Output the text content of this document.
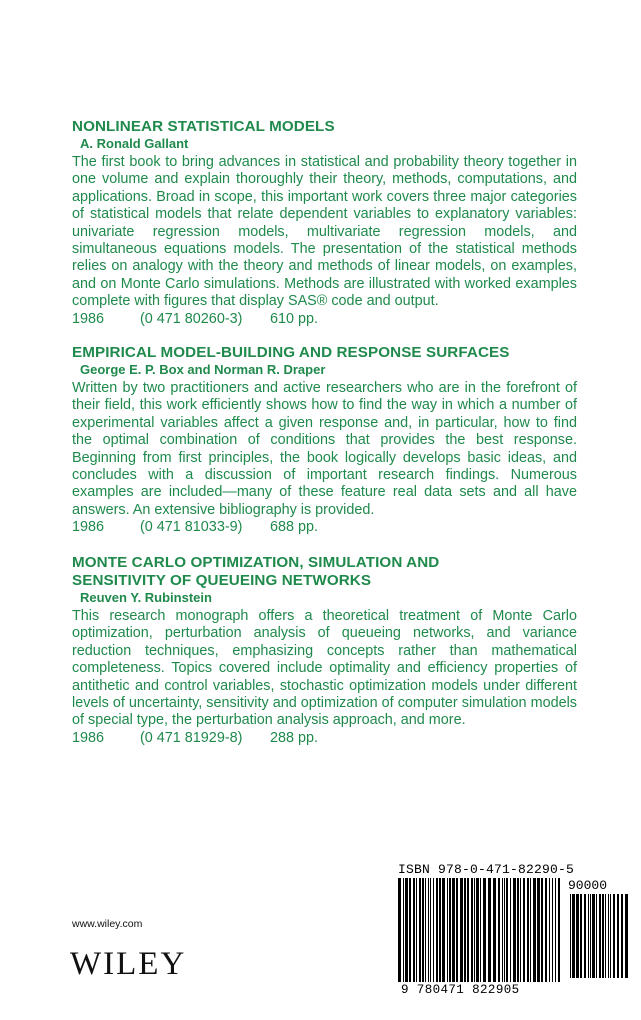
NONLINEAR STATISTICAL MODELS
A. Ronald Gallant
The first book to bring advances in statistical and probability theory together in one volume and explain thoroughly their theory, methods, computations, and applications. Broad in scope, this important work covers three major categories of statistical models that relate dependent variables to explanatory variables: univariate regression models, multivariate regression models, and simultaneous equations models. The presentation of the statistical methods relies on analogy with the theory and methods of linear models, on examples, and on Monte Carlo simulations. Methods are illustrated with worked examples complete with figures that display SAS® code and output.
1986	(0 471 80260-3)	610 pp.
EMPIRICAL MODEL-BUILDING AND RESPONSE SURFACES
George E. P. Box and Norman R. Draper
Written by two practitioners and active researchers who are in the forefront of their field, this work efficiently shows how to find the way in which a number of experimental variables affect a given response and, in particular, how to find the optimal combination of conditions that provides the best response. Beginning from first principles, the book logically develops basic ideas, and concludes with a discussion of important research findings. Numerous examples are included—many of these feature real data sets and all have answers. An extensive bibliography is provided.
1986	(0 471 81033-9)	688 pp.
MONTE CARLO OPTIMIZATION, SIMULATION AND
SENSITIVITY OF QUEUEING NETWORKS
Reuven Y. Rubinstein
This research monograph offers a theoretical treatment of Monte Carlo optimization, perturbation analysis of queueing networks, and variance reduction techniques, emphasizing concepts rather than mathematical completeness. Topics covered include optimality and efficiency properties of antithetic and control variables, stochastic optimization models under different levels of uncertainty, sensitivity and optimization of computer simulation models of special type, the perturbation analysis approach, and more.
1986	(0 471 81929-8)	288 pp.
www.wiley.com
WILEY
ISBN 978-0-471-82290-5
90000
9 780471 822905
